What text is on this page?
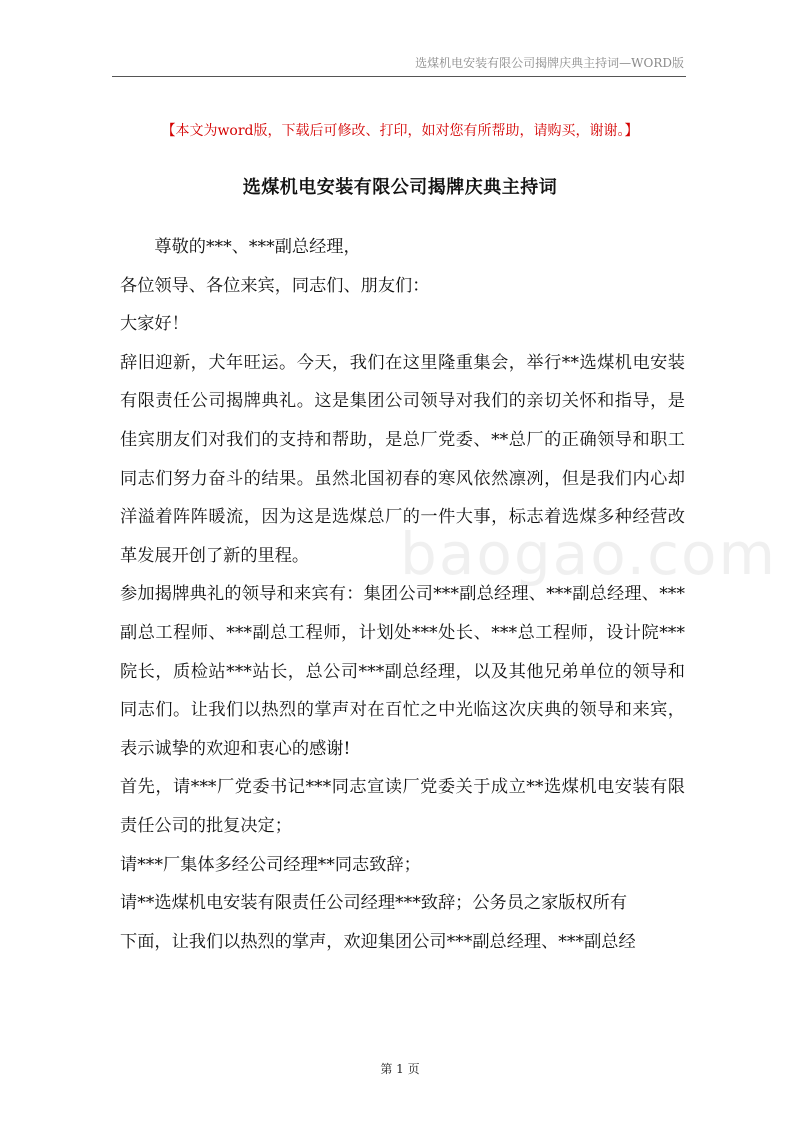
选煤机电安装有限公司揭牌庆典主持词—WORD版
【本文为word版，下载后可修改、打印，如对您有所帮助，请购买，谢谢。】
选煤机电安装有限公司揭牌庆典主持词
baogao.com

尊敬的***、***副总经理，

各位领导、各位来宾，同志们、朋友们：

大家好！

辞旧迎新，犬年旺运。今天，我们在这里隆重集会，举行**选煤机电安装有限责任公司揭牌典礼。这是集团公司领导对我们的亲切关怀和指导，是佳宾朋友们对我们的支持和帮助，是总厂党委、**总厂的正确领导和职工同志们努力奋斗的结果。虽然北国初春的寒风依然凛冽，但是我们内心却洋溢着阵阵暖流，因为这是选煤总厂的一件大事，标志着选煤多种经营改革发展开创了新的里程。

参加揭牌典礼的领导和来宾有：集团公司***副总经理、***副总经理、***副总工程师、***副总工程师，计划处***处长、***总工程师，设计院***院长，质检站***站长，总公司***副总经理，以及其他兄弟单位的领导和同志们。让我们以热烈的掌声对在百忙之中光临这次庆典的领导和来宾，表示诚挚的欢迎和衷心的感谢!

首先，请***厂党委书记***同志宣读厂党委关于成立**选煤机电安装有限责任公司的批复决定；

请***厂集体多经公司经理**同志致辞；

请**选煤机电安装有限责任公司经理***致辞；公务员之家版权所有

下面，让我们以热烈的掌声，欢迎集团公司***副总经理、***副总经

第 1 页
